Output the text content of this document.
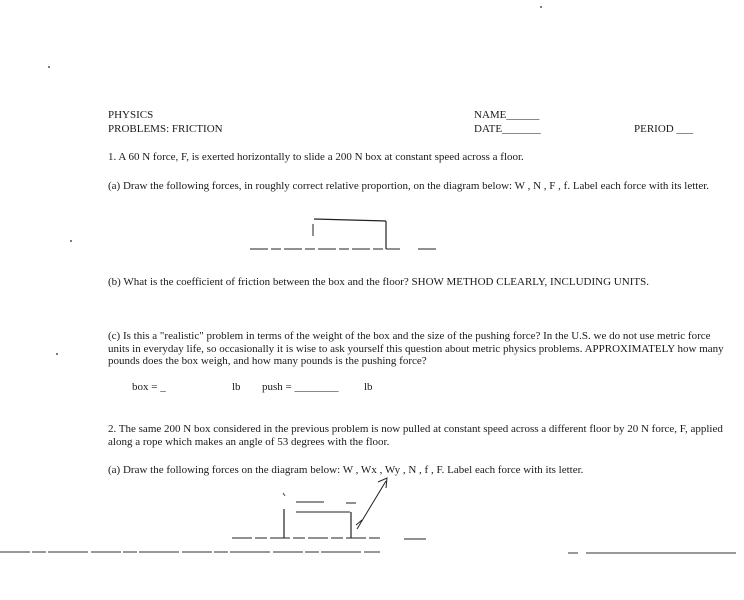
PHYSICS
PROBLEMS: FRICTION
NAME______
DATE_______	PERIOD ___
1. A 60 N force, F, is exerted horizontally to slide a 200 N box at constant speed across a floor.
(a) Draw the following forces, in roughly correct relative proportion, on the diagram below: W , N , F , f. Label each force with its letter.
(b) What is the coefficient of friction between the box and the floor? SHOW METHOD CLEARLY, INCLUDING UNITS.
(c) Is this a "realistic" problem in terms of the weight of the box and the size of the pushing force? In the U.S. we do not use metric force units in everyday life, so occasionally it is wise to ask yourself this question about metric physics problems. APPROXIMATELY how many pounds does the box weigh, and how many pounds is the pushing force?
box = _	lb push = ________ lb
2. The same 200 N box considered in the previous problem is now pulled at constant speed across a different floor by 20 N force, F, applied along a rope which makes an angle of 53 degrees with the floor.
(a) Draw the following forces on the diagram below: W , Wx , Wy , N , f , F. Label each force with its letter.
